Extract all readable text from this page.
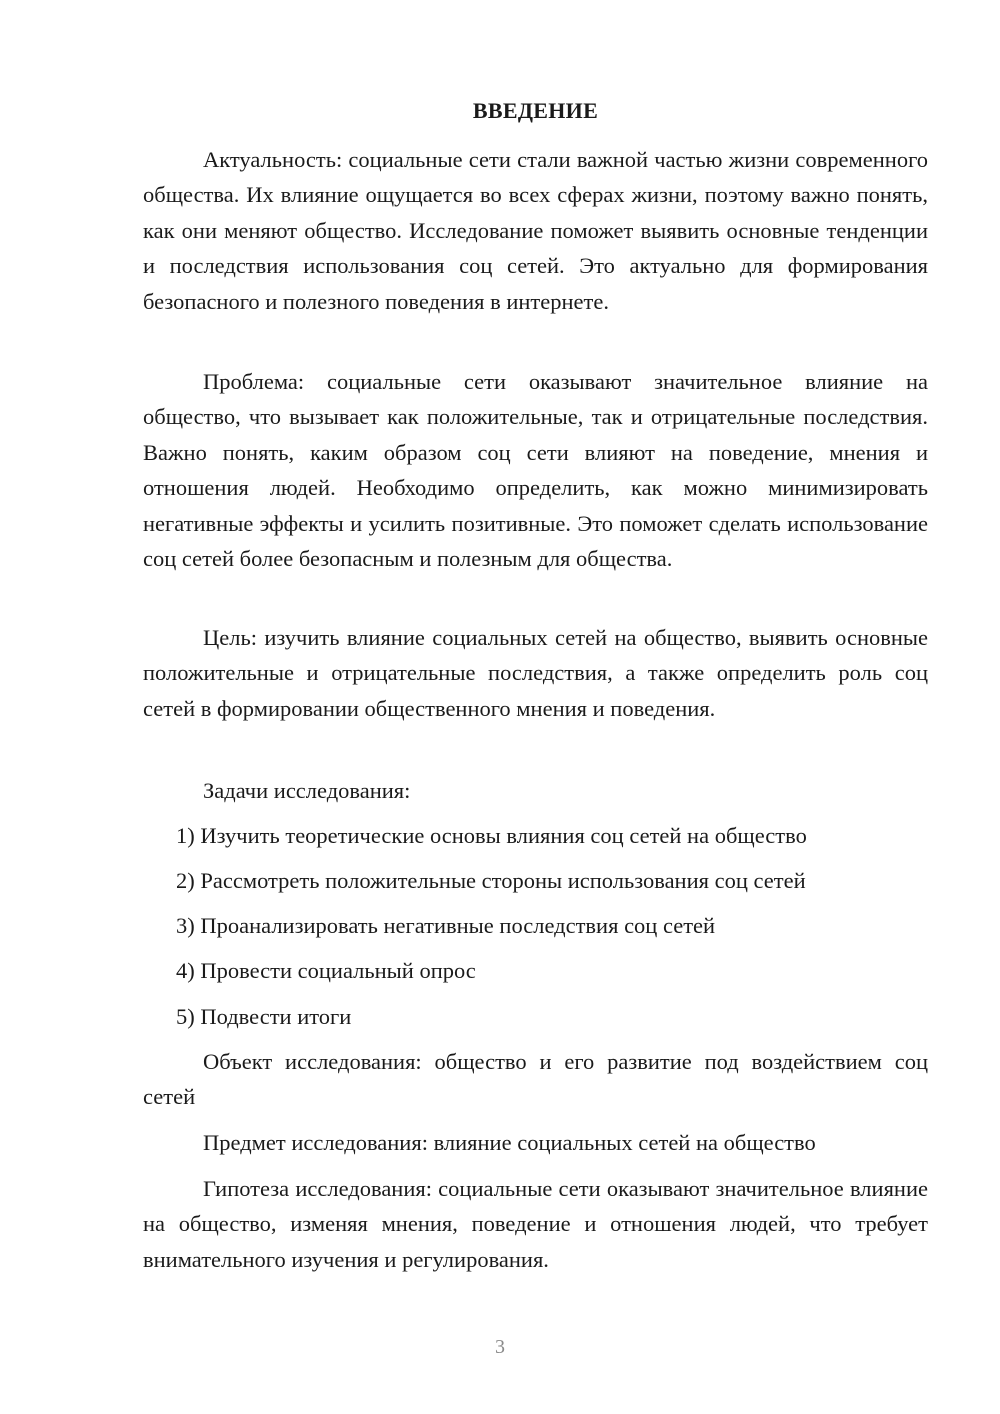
ВВЕДЕНИЕ

Актуальность: социальные сети стали важной частью жизни современного общества. Их влияние ощущается во всех сферах жизни, поэтому важно понять, как они меняют общество. Исследование поможет выявить основные тенденции и последствия использования соц сетей. Это актуально для формирования безопасного и полезного поведения в интернете.

Проблема: социальные сети оказывают значительное влияние на общество, что вызывает как положительные, так и отрицательные последствия. Важно понять, каким образом соц сети влияют на поведение, мнения и отношения людей. Необходимо определить, как можно минимизировать негативные эффекты и усилить позитивные. Это поможет сделать использование соц сетей более безопасным и полезным для общества.

Цель: изучить влияние социальных сетей на общество, выявить основные положительные и отрицательные последствия, а также определить роль соц сетей в формировании общественного мнения и поведения.

Задачи исследования:

1) Изучить теоретические основы влияния соц сетей на общество
2) Рассмотреть положительные стороны использования соц сетей
3) Проанализировать негативные последствия соц сетей
4) Провести социальный опрос
5) Подвести итоги

Объект исследования: общество и его развитие под воздействием соц сетей

Предмет исследования: влияние социальных сетей на общество

Гипотеза исследования: социальные сети оказывают значительное влияние на общество, изменяя мнения, поведение и отношения людей, что требует внимательного изучения и регулирования.

3
